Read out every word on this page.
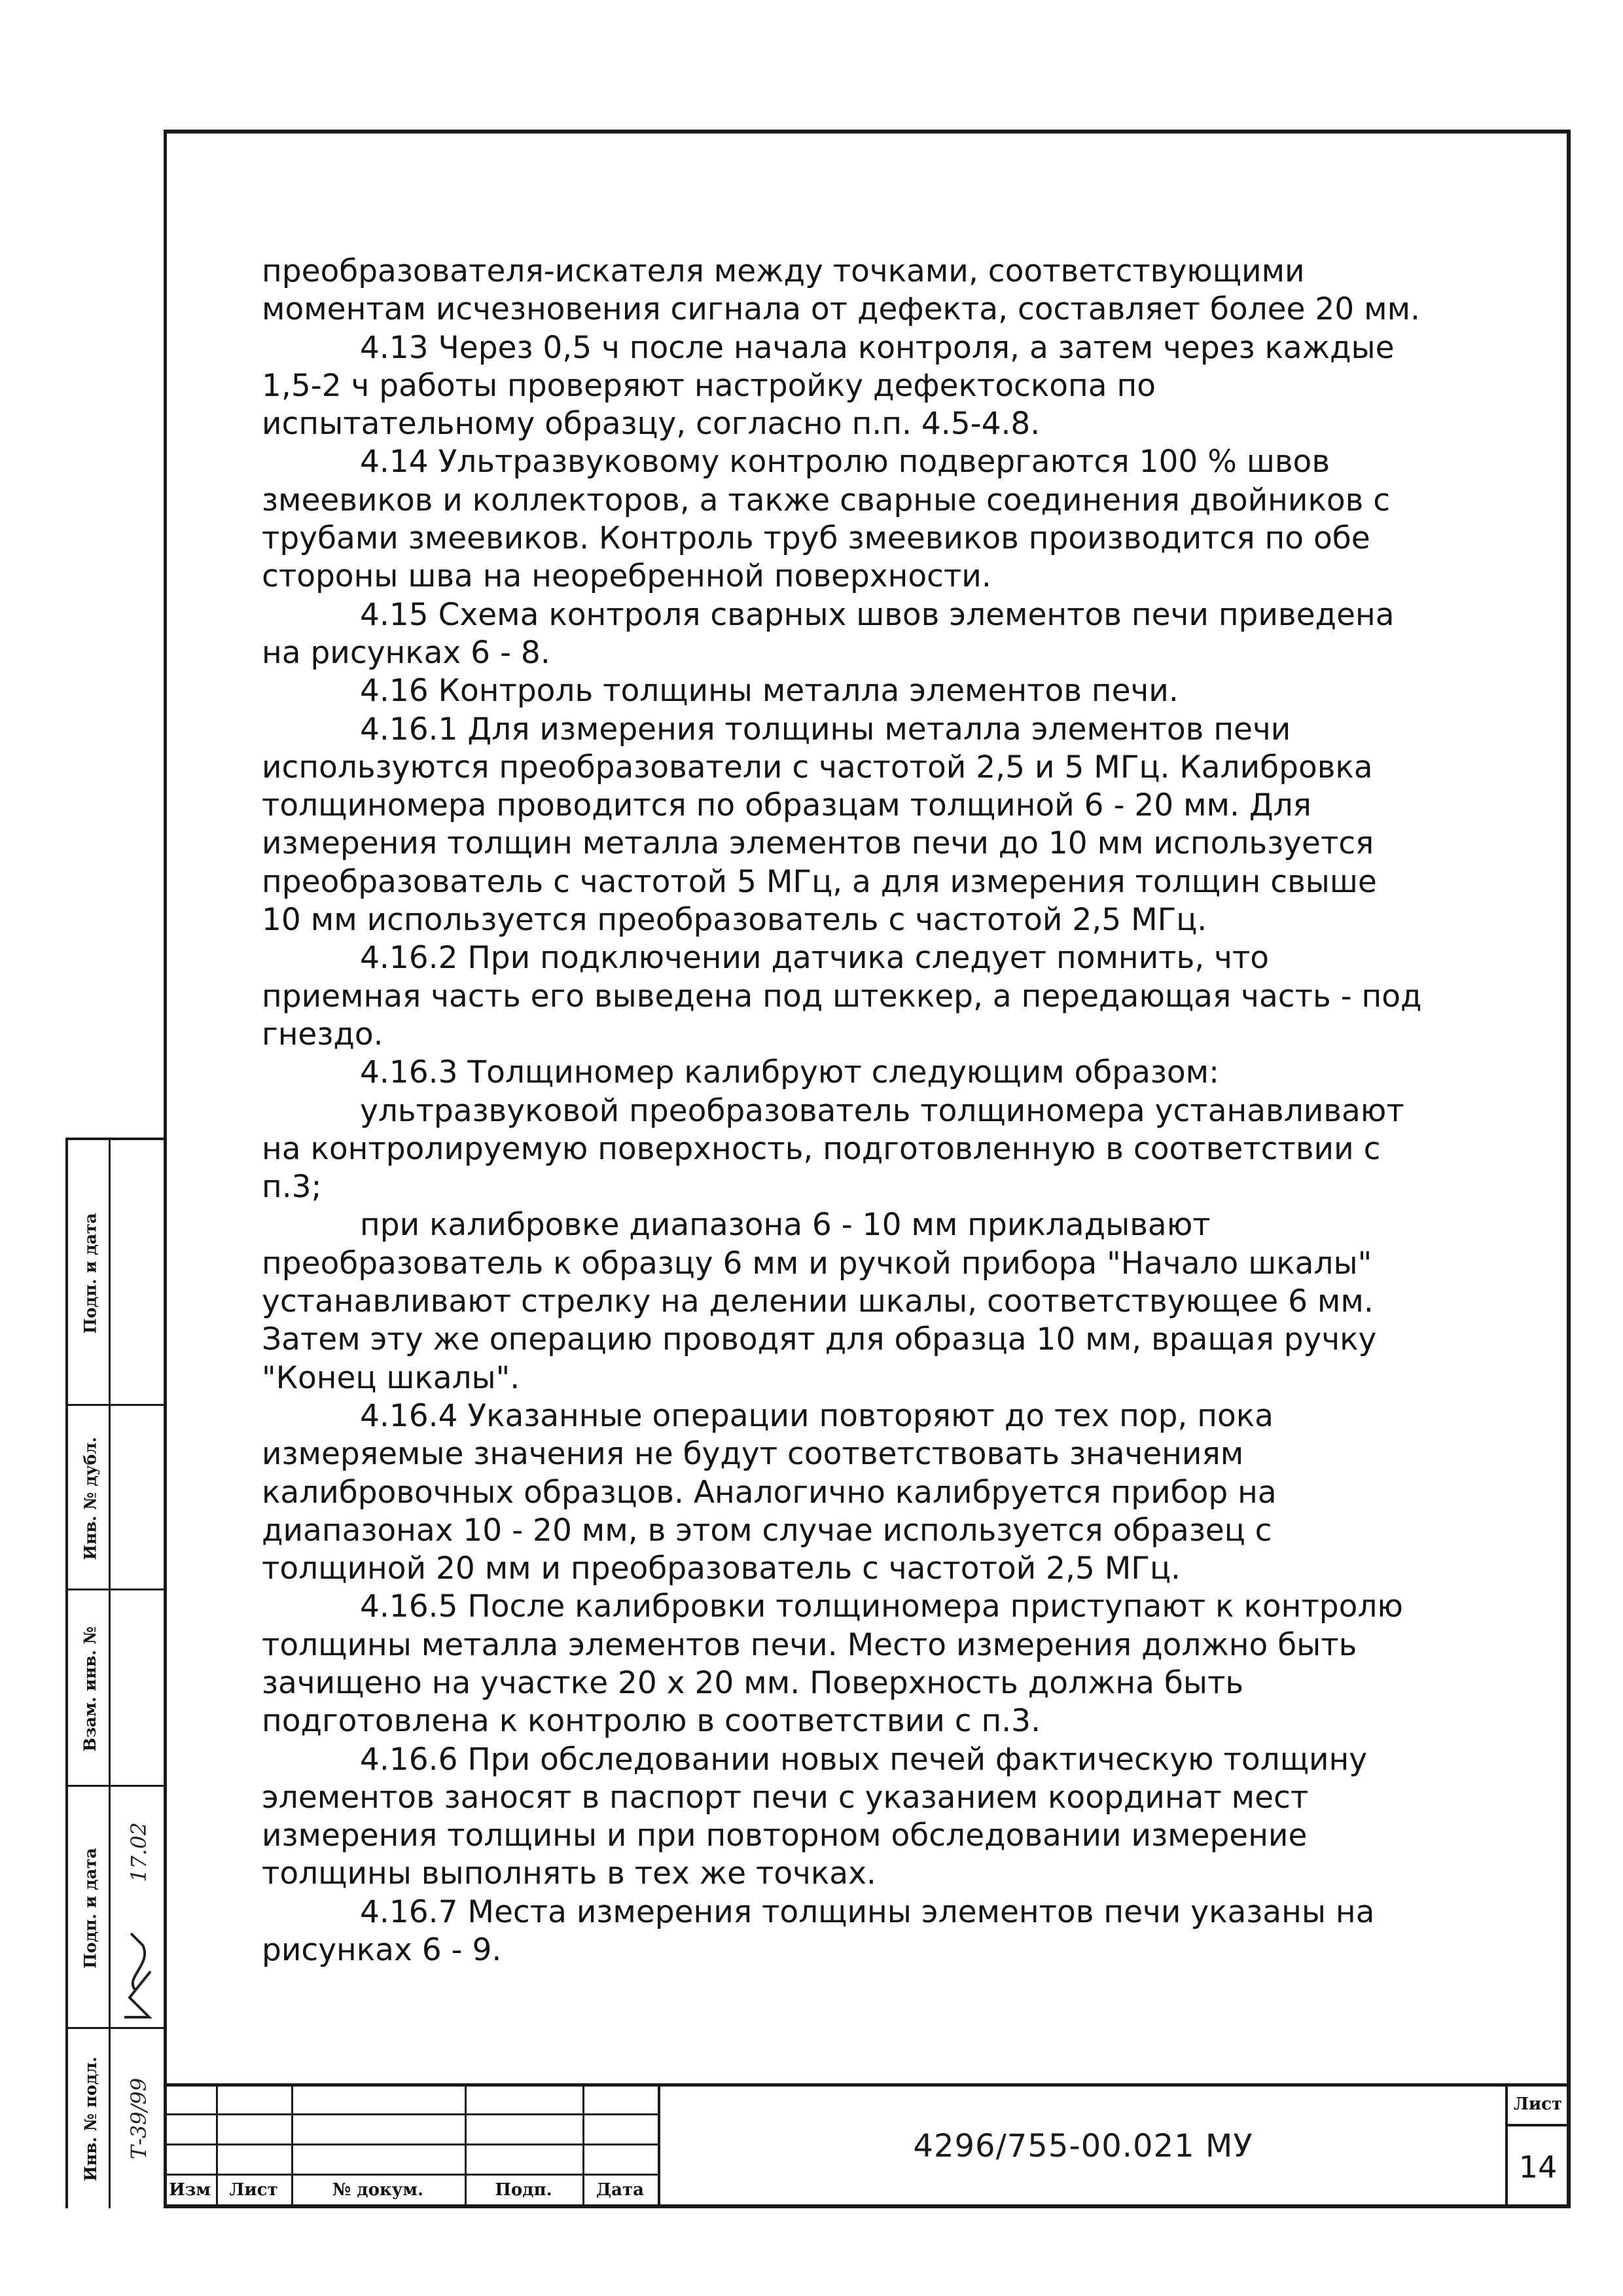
преобразователя-искателя между точками, соответствующими

моментам исчезновения сигнала от дефекта, составляет более 20 мм.

4.13 Через 0,5 ч после начала контроля, а затем через каждые

1,5-2 ч работы проверяют настройку дефектоскопа по

испытательному образцу, согласно п.п. 4.5-4.8.

4.14 Ультразвуковому контролю подвергаются 100 % швов

змеевиков и коллекторов, а также сварные соединения двойников с

трубами змеевиков. Контроль труб змеевиков производится по обе

стороны шва на неоребренной поверхности.

4.15 Схема контроля сварных швов элементов печи приведена

на рисунках 6 - 8.

4.16 Контроль толщины металла элементов печи.

4.16.1 Для измерения толщины металла элементов печи

используются преобразователи с частотой 2,5 и 5 МГц. Калибровка

толщиномера проводится по образцам толщиной 6 - 20 мм. Для

измерения толщин металла элементов печи до 10 мм используется

преобразователь с частотой 5 МГц, а для измерения толщин свыше

10 мм используется преобразователь с частотой 2,5 МГц.

4.16.2 При подключении датчика следует помнить, что

приемная часть его выведена под штеккер, а передающая часть - под

гнездо.

4.16.3 Толщиномер калибруют следующим образом:

ультразвуковой преобразователь толщиномера устанавливают

на контролируемую поверхность, подготовленную в соответствии с

п.3;

при калибровке диапазона 6 - 10 мм прикладывают

преобразователь к образцу 6 мм и ручкой прибора "Начало шкалы"

устанавливают стрелку на делении шкалы, соответствующее 6 мм.

Затем эту же операцию проводят для образца 10 мм, вращая ручку

"Конец шкалы".

4.16.4 Указанные операции повторяют до тех пор, пока

измеряемые значения не будут соответствовать значениям

калибровочных образцов. Аналогично калибруется прибор на

диапазонах 10 - 20 мм, в этом случае используется образец с

толщиной 20 мм и преобразователь с частотой 2,5 МГц.

4.16.5 После калибровки толщиномера приступают к контролю

толщины металла элементов печи. Место измерения должно быть

зачищено на участке 20 х 20 мм. Поверхность должна быть

подготовлена к контролю в соответствии с п.3.

4.16.6 При обследовании новых печей фактическую толщину

элементов заносят в паспорт печи с указанием координат мест

измерения толщины и при повторном обследовании измерение

толщины выполнять в тех же точках.

4.16.7 Места измерения толщины элементов печи указаны на

рисунках 6 - 9.

Подп. и дата
Инв. № дубл.
Взам. инв. №
Подп. и дата
Инв. № подл.
17.02
Т-39/99
Изм	Лист	№ докум.	Подп.	Дата
4296/755-00.021 МУ
Лист
14
